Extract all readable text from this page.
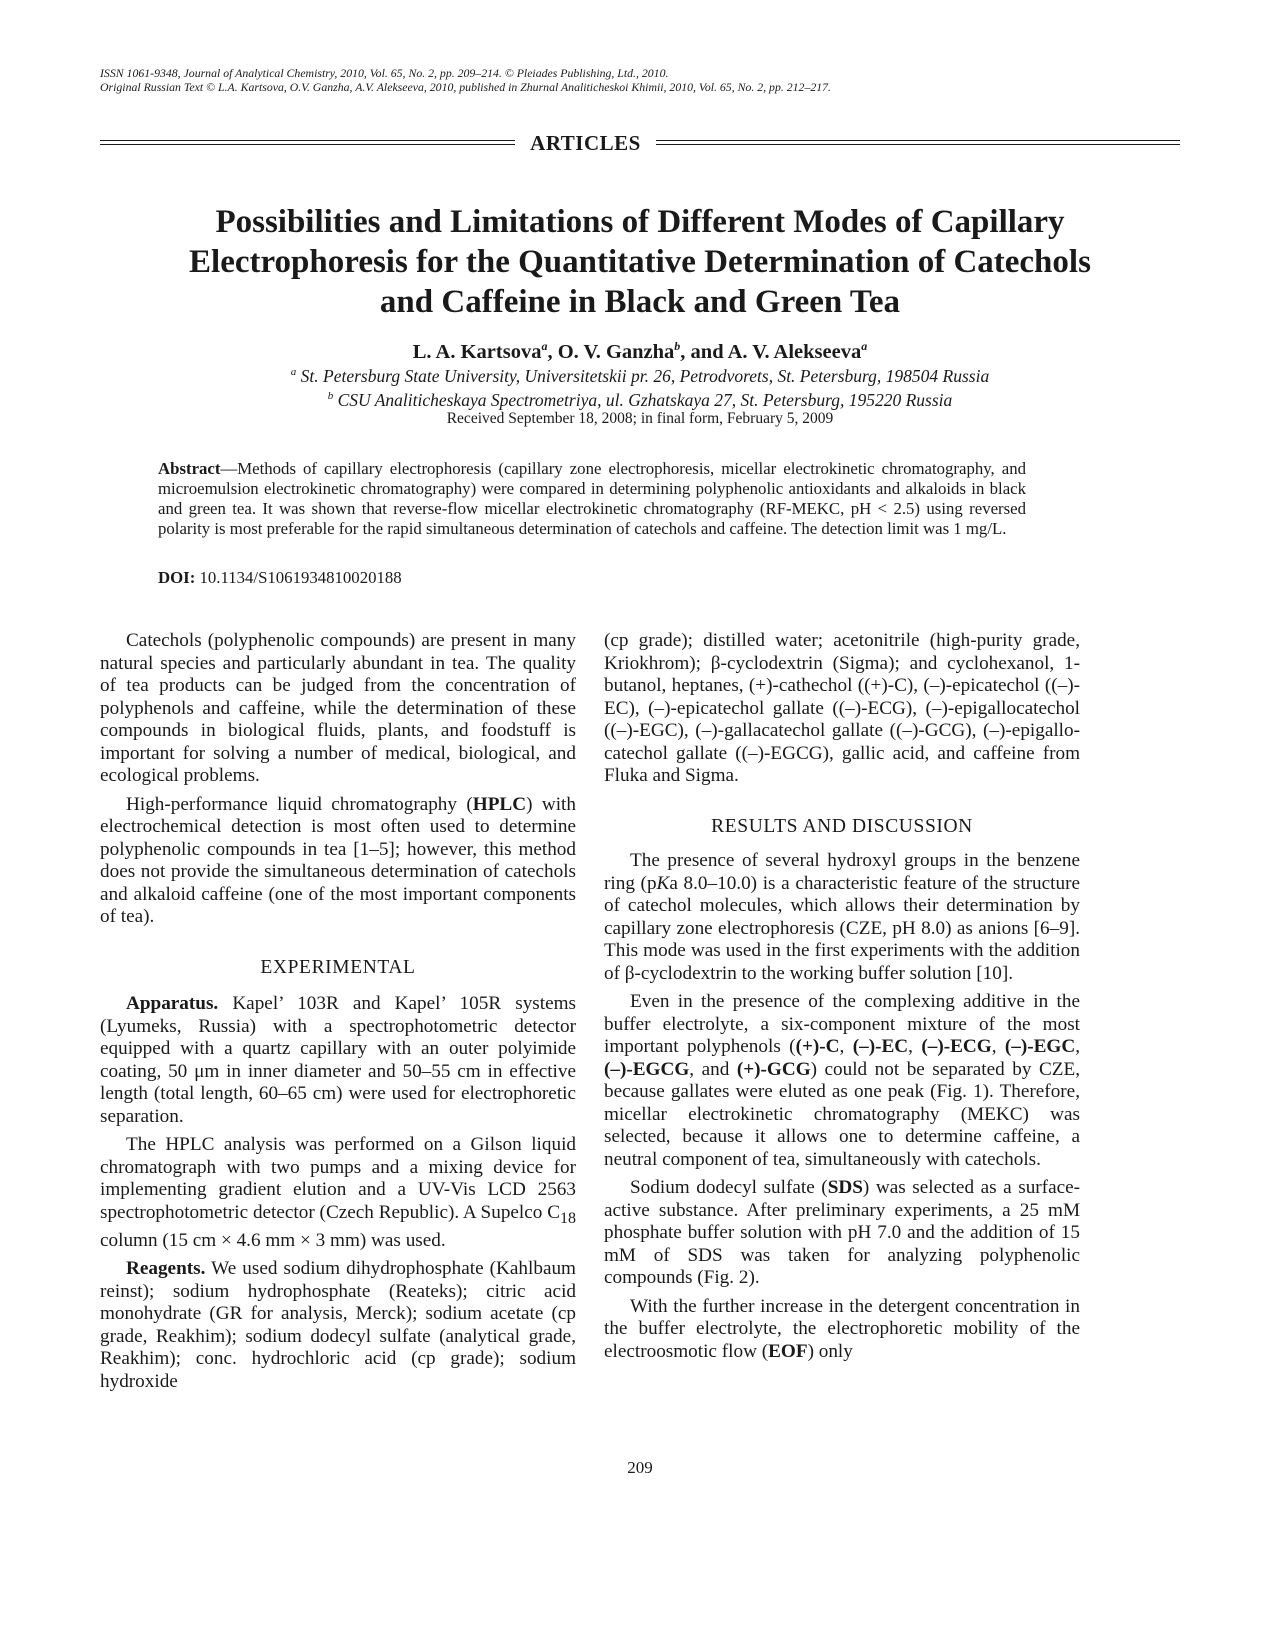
ISSN 1061-9348, Journal of Analytical Chemistry, 2010, Vol. 65, No. 2, pp. 209–214. © Pleiades Publishing, Ltd., 2010.
Original Russian Text © L.A. Kartsova, O.V. Ganzha, A.V. Alekseeva, 2010, published in Zhurnal Analiticheskoi Khimii, 2010, Vol. 65, No. 2, pp. 212–217.
ARTICLES
Possibilities and Limitations of Different Modes of Capillary
Electrophoresis for the Quantitative Determination of Catechols
and Caffeine in Black and Green Tea
L. A. Kartsova$^a$, O. V. Ganzha$^b$, and A. V. Alekseeva$^a$
$^a$ St. Petersburg State University, Universitetskii pr. 26, Petrodvorets, St. Petersburg, 198504 Russia
$^b$ CSU Analiticheskaya Spectrometriya, ul. Gzhatskaya 27, St. Petersburg, 195220 Russia
Received September 18, 2008; in final form, February 5, 2009
Abstract—Methods of capillary electrophoresis (capillary zone electrophoresis, micellar electrokinetic chromatography, and microemulsion electrokinetic chromatography) were compared in determining polyphenolic antioxidants and alkaloids in black and green tea. It was shown that reverse-flow micellar electrokinetic chromatography (RF-MEKC, pH < 2.5) using reversed polarity is most preferable for the rapid simultaneous determination of catechols and caffeine. The detection limit was 1 mg/L.
DOI: 10.1134/S1061934810020188

Catechols (polyphenolic compounds) are present in many natural species and particularly abundant in tea. The quality of tea products can be judged from the concentration of polyphenols and caffeine, while the determination of these compounds in biological fluids, plants, and foodstuff is important for solving a number of medical, biological, and ecological problems.

High-performance liquid chromatography (HPLC) with electrochemical detection is most often used to determine polyphenolic compounds in tea [1–5]; however, this method does not provide the simultaneous determination of catechols and alkaloid caffeine (one of the most important components of tea).

EXPERIMENTAL

Apparatus. Kapel’ 103R and Kapel’ 105R systems (Lyumeks, Russia) with a spectrophotometric detector equipped with a quartz capillary with an outer polyimide coating, 50 μm in inner diameter and 50–55 cm in effective length (total length, 60–65 cm) were used for electrophoretic separation.

The HPLC analysis was performed on a Gilson liquid chromatograph with two pumps and a mixing device for implementing gradient elution and a UV-Vis LCD 2563 spectrophotometric detector (Czech Republic). A Supelco $C_{18}$ column (15 cm × 4.6 mm × 3 mm) was used.

Reagents. We used sodium dihydrophosphate (Kahlbaum reinst); sodium hydrophosphate (Reateks); citric acid monohydrate (GR for analysis, Merck); sodium acetate (cp grade, Reakhim); sodium dodecyl sulfate (analytical grade, Reakhim); conc. hydrochloric acid (cp grade); sodium hydroxide

(cp grade); distilled water; acetonitrile (high-purity grade, Kriokhrom); β-cyclodextrin (Sigma); and cyclohexanol, 1-butanol, heptanes, (+)-cathechol ((+)-C), (–)-epicatechol ((–)-EC), (–)-epicatechol gallate ((–)-ECG), (–)-epigallocatechol ((–)-EGC), (–)-gallacatechol gallate ((–)-GCG), (–)-epigallocatechol gallate ((–)-EGCG), gallic acid, and caffeine from Fluka and Sigma.

RESULTS AND DISCUSSION

The presence of several hydroxyl groups in the benzene ring (pKa 8.0–10.0) is a characteristic feature of the structure of catechol molecules, which allows their determination by capillary zone electrophoresis (CZE, pH 8.0) as anions [6–9]. This mode was used in the first experiments with the addition of β-cyclodextrin to the working buffer solution [10].

Even in the presence of the complexing additive in the buffer electrolyte, a six-component mixture of the most important polyphenols ((+)-C, (–)-EC, (–)-ECG, (–)-EGC, (–)-EGCG, and (+)-GCG) could not be separated by CZE, because gallates were eluted as one peak (Fig. 1). Therefore, micellar electrokinetic chromatography (MEKC) was selected, because it allows one to determine caffeine, a neutral component of tea, simultaneously with catechols.

Sodium dodecyl sulfate (SDS) was selected as a surface-active substance. After preliminary experiments, a 25 mM phosphate buffer solution with pH 7.0 and the addition of 15 mM of SDS was taken for analyzing polyphenolic compounds (Fig. 2).

With the further increase in the detergent concentration in the buffer electrolyte, the electrophoretic mobility of the electroosmotic flow (EOF) only

209
